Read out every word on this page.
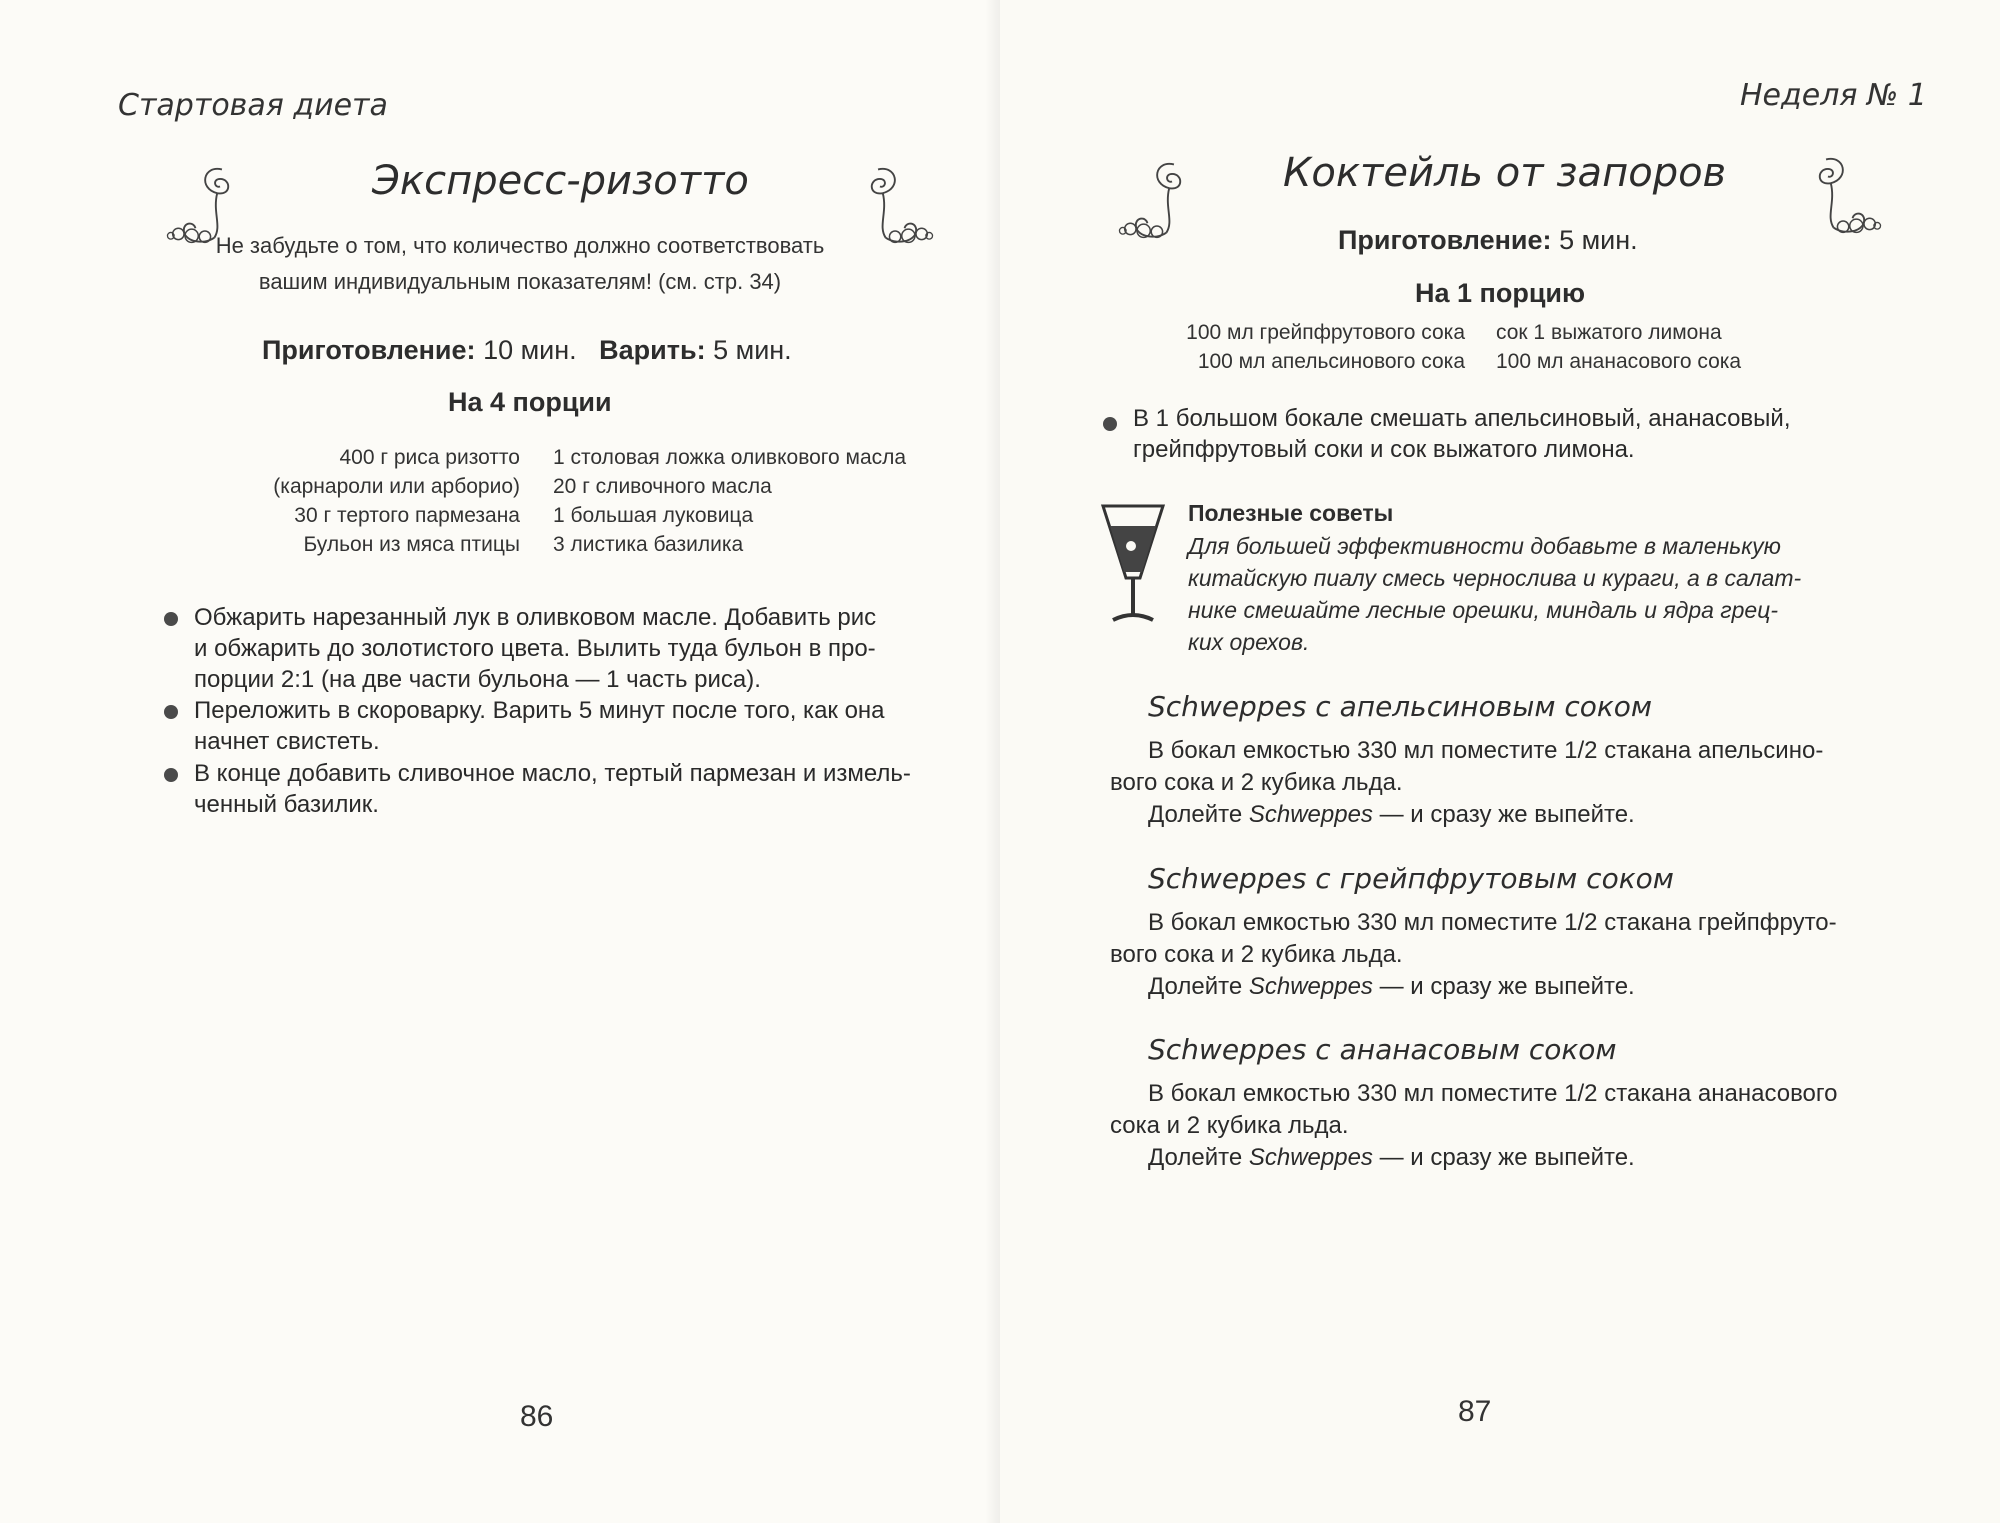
Стартовая диета
Экспресс-ризотто
Не забудьте о том, что количество должно соответствовать
вашим индивидуальным показателям! (см. стр. 34)
Приготовление: 10 мин. Варить: 5 мин.
На 4 порции
400 г риса ризотто
(карнароли или арборио)
30 г тертого пармезана
Бульон из мяса птицы
1 столовая ложка оливкового масла
20 г сливочного масла
1 большая луковица
3 листика базилика
Обжарить нарезанный лук в оливковом масле. Добавить рис
и обжарить до золотистого цвета. Вылить туда бульон в про-
порции 2:1 (на две части бульона — 1 часть риса).
Переложить в скороварку. Варить 5 минут после того, как она
начнет свистеть.
В конце добавить сливочное масло, тертый пармезан и измель-
ченный базилик.
86
Неделя № 1
Коктейль от запоров
Приготовление: 5 мин.
На 1 порцию
100 мл грейпфрутового сока
100 мл апельсинового сока
сок 1 выжатого лимона
100 мл ананасового сока
В 1 большом бокале смешать апельсиновый, ананасовый,
грейпфрутовый соки и сок выжатого лимона.
Полезные советы
Для большей эффективности добавьте в маленькую
китайскую пиалу смесь чернослива и кураги, а в салат-
нике смешайте лесные орешки, миндаль и ядра грец-
ких орехов.
Schweppes с апельсиновым соком
В бокал емкостью 330 мл поместите 1/2 стакана апельсино-
вого сока и 2 кубика льда.
Долейте Schweppes — и сразу же выпейте.
Schweppes с грейпфрутовым соком
В бокал емкостью 330 мл поместите 1/2 стакана грейпфруто-
вого сока и 2 кубика льда.
Долейте Schweppes — и сразу же выпейте.
Schweppes с ананасовым соком
В бокал емкостью 330 мл поместите 1/2 стакана ананасового
сока и 2 кубика льда.
Долейте Schweppes — и сразу же выпейте.
87
